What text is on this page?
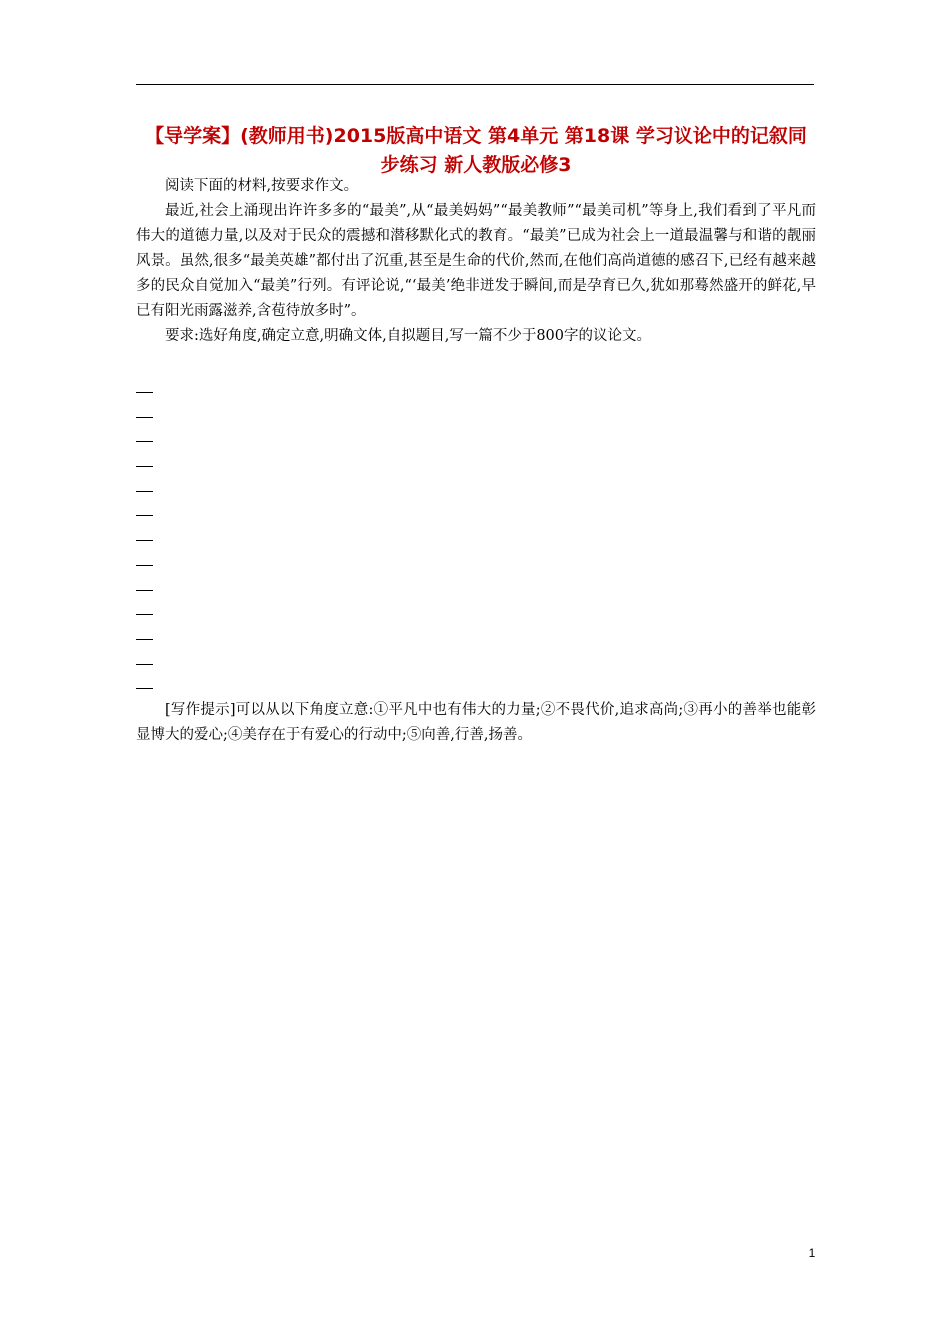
【导学案】(教师用书)2015版高中语文 第4单元 第18课 学习议论中的记叙同步练习 新人教版必修3

阅读下面的材料,按要求作文。

最近,社会上涌现出许许多多的“最美”,从“最美妈妈”“最美教师”“最美司机”等身上,我们看到了平凡而伟大的道德力量,以及对于民众的震撼和潜移默化式的教育。“最美”已成为社会上一道最温馨与和谐的靓丽风景。虽然,很多“最美英雄”都付出了沉重,甚至是生命的代价,然而,在他们高尚道德的感召下,已经有越来越多的民众自觉加入“最美”行列。有评论说,“‘最美’绝非迸发于瞬间,而是孕育已久,犹如那蓦然盛开的鲜花,早已有阳光雨露滋养,含苞待放多时”。

要求:选好角度,确定立意,明确文体,自拟题目,写一篇不少于800字的议论文。

[写作提示]可以从以下角度立意:①平凡中也有伟大的力量;②不畏代价,追求高尚;③再小的善举也能彰显博大的爱心;④美存在于有爱心的行动中;⑤向善,行善,扬善。

1
